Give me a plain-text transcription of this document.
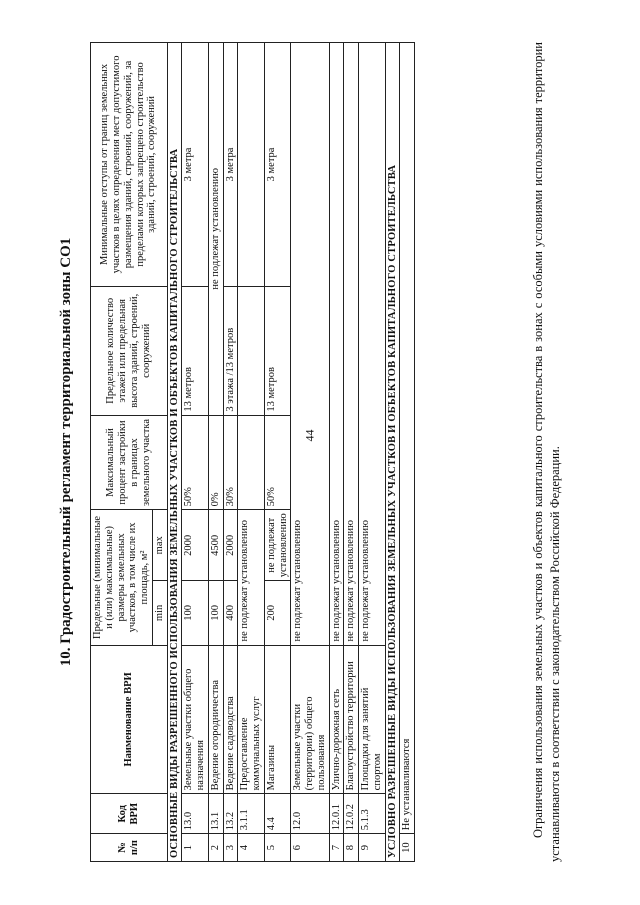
44
10. Градостроительный регламент территориальной зоны СО1
№ п/п	Код ВРИ	Наименование ВРИ	Предельные (минимальные и (или) максимальные) размеры земельных участков, в том числе их площадь, м²		Максимальный процент застройки в границах земельного участка	Предельное количество этажей или предельная высота зданий, строений, сооружений	Минимальные отступы от границ земельных участков в целях определения мест допустимого размещения зданий, строений, сооружений, за пределами которых запрещено строительство зданий, строений, сооружений
			min	max			
ОСНОВНЫЕ ВИДЫ РАЗРЕШЕННОГО ИСПОЛЬЗОВАНИЯ ЗЕМЕЛЬНЫХ УЧАСТКОВ И ОБЪЕКТОВ КАПИТАЛЬНОГО СТРОИТЕЛЬСТВА							
1	13.0	Земельные участки общего назначения	100	2000	50%	13 метров	3 метра
2	13.1	Ведение огородничества	100	4500	0%	не подлежат установлению	
3	13.2	Ведение садоводства	400	2000	30%	3 этажа /13 метров	3 метра
4	3.1.1	Предоставление коммунальных услуг	не подлежат установлению				
5	4.4	Магазины	200	не подлежат установлению	50%	13 метров	3 метра
6	12.0	Земельные участки (территории) общего пользования	не подлежат установлению				
7	12.0.1	Улично-дорожная сеть	не подлежат установлению				
8	12.0.2	Благоустройство территории	не подлежат установлению				
9	5.1.3	Площадки для занятий спортом	не подлежат установлению				
УСЛОВНО РАЗРЕШЕННЫЕ ВИДЫ ИСПОЛЬЗОВАНИЯ ЗЕМЕЛЬНЫХ УЧАСТКОВ И ОБЪЕКТОВ КАПИТАЛЬНОГО СТРОИТЕЛЬСТВА							
10	Не устанавливаются							Ограничения использования земельных участков и объектов капитального строительства в зонах с особыми условиями использования территории устанавливаются в соответствии с законодательством Российской Федерации.
